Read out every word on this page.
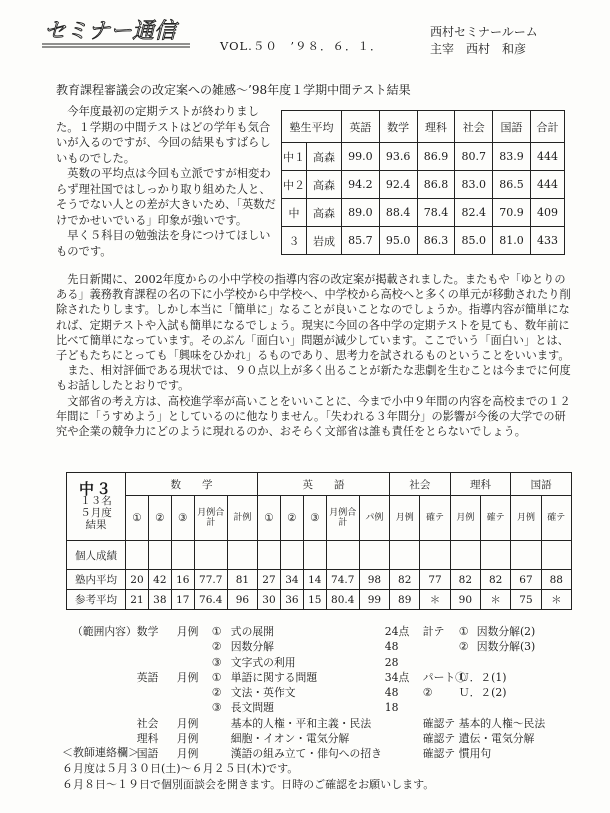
セミナー通信
VOL.５０　’９８．６．１．
西村セミナールーム
主宰　西村　和彦
教育課程審議会の改定案への雑感～’98年度１学期中間テスト結果

今年度最初の定期テストが終わりました。１学期の中間テストはどの学年も気合いが入るのですが、今回の結果もすばらしいものでした。

英数の平均点は今回も立派ですが相変わらず理社国ではしっかり取り組めた人と、そうでない人との差が大きいため、「英数だけでかせいでいる」印象が強いです。

早く５科目の勉強法を身につけてほしいものです。

塾生平均		英語	数学	理科	社会	国語	合計
中１	高森	99.0	93.6	86.9	80.7	83.9	444
中２	高森	94.2	92.4	86.8	83.0	86.5	444
中	高森	89.0	88.4	78.4	82.4	70.9	409
３	岩成	85.7	95.0	86.3	85.0	81.0	433

先日新聞に、2002年度からの小中学校の指導内容の改定案が掲載されました。またもや「ゆとりのある」義務教育課程の名の下に小学校から中学校へ、中学校から高校へと多くの単元が移動されたり削除されたりします。しかし本当に「簡単に」なることが良いことなのでしょうか。指導内容が簡単になれば、定期テストや入試も簡単になるでしょう。現実に今回の各中学の定期テストを見ても、数年前に比べて簡単になっています。そのぶん「面白い」問題が減少しています。ここでいう「面白い」とは、子どもたちにとっても「興味をひかれ」るものであり、思考力を試されるものということをいいます。

また、相対評価である現状では、９０点以上が多く出ることが新たな悲劇を生むことは今までに何度もお話ししたとおりです。

文部省の考え方は、高校進学率が高いことをいいことに、今まで小中９年間の内容を高校までの１２年間に「うすめよう」としているのに他なりません。「失われる３年間分」の影響が今後の大学での研究や企業の競争力にどのように現れるのか、おそらく文部省は誰も責任をとらないでしょう。

中３
１３名
５月度
結果	数　　学					英　　語					社会		理科		国語	
	①	②	③	月例合計	計例	①	②	③	月例合計	パ例	月例	確テ	月例	確テ	月例	確テ
個人成績																
塾内平均	20	42	16	77.7	81	27	34	14	74.7	98	82	77	82	82	67	88
参考平均	21	38	17	76.4	96	30	36	15	80.4	99	89	＊	90	＊	75	＊
（範囲内容） 数学 月例 ① 式の展開	24点 計テ ① 因数分解(2)
② 因数分解	48	② 因数分解(3)
③ 文字式の利用	28
英語 月例 ① 単語に関する問題	34点 パート①
Ｕ．２(1)
② 文法・英作文	48 ② Ｕ．２(2)
③ 長文問題	18
社会 月例	基本的人権・平和主義・民法	確認テ 基本的人権～民法
理科 月例	細胞・イオン・電気分解	確認テ 遺伝・電気分解
国語 月例	漢語の組み立て・俳句への招き	確認テ 慣用句
＜教師連絡欄＞
６月度は５月３０日(土)～６月２５日(木)です。
６月８日～１９日で個別面談会を開きます。日時のご確認をお願いします。
